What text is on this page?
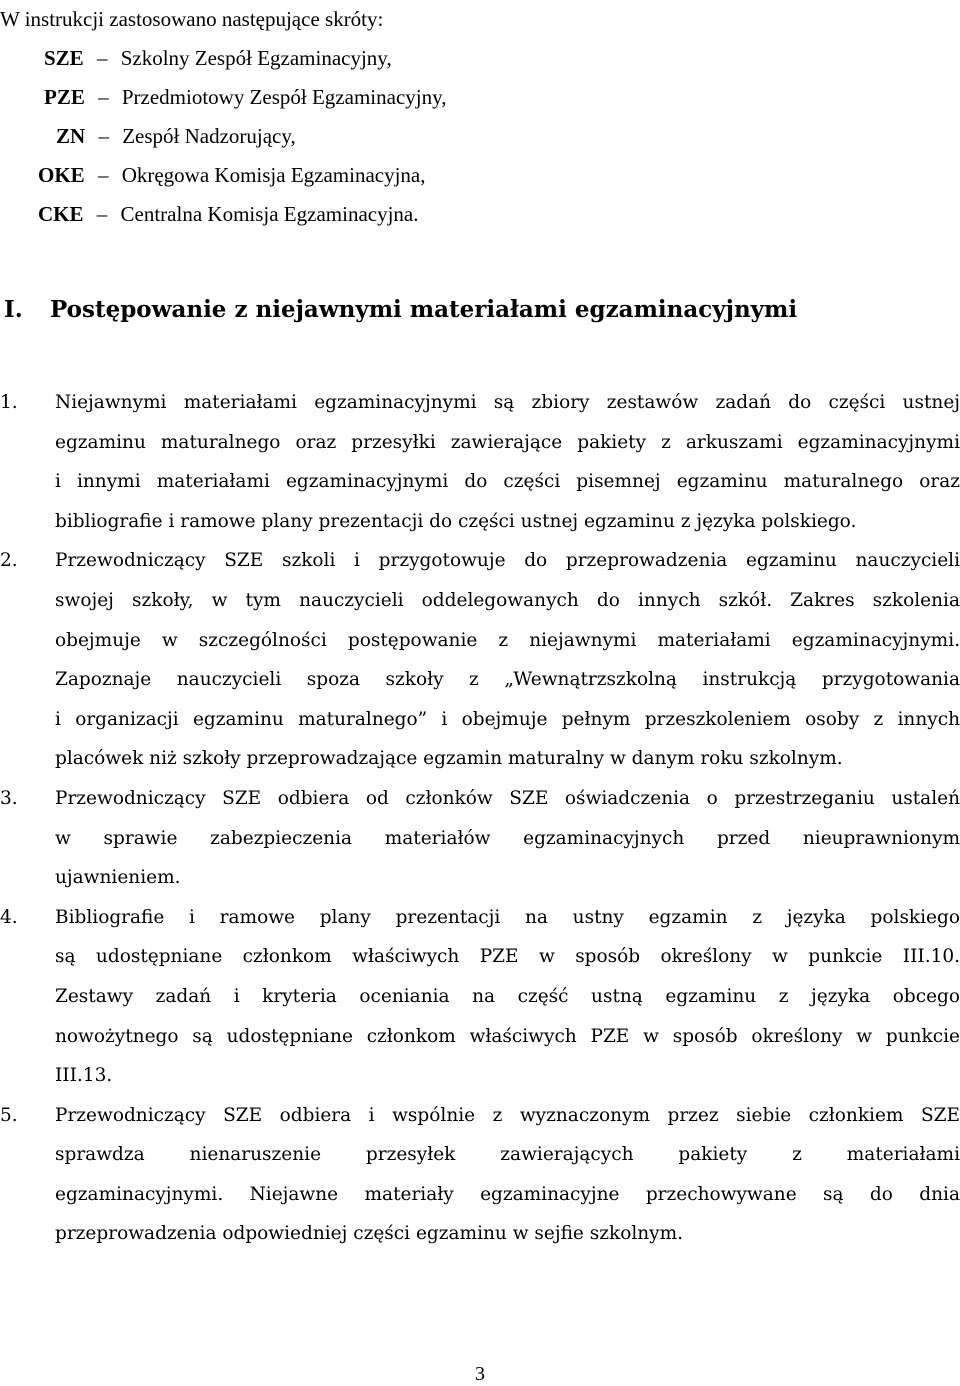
W instrukcji zastosowano następujące skróty:
SZE – Szkolny Zespół Egzaminacyjny,
PZE – Przedmiotowy Zespół Egzaminacyjny,
ZN – Zespół Nadzorujący,
OKE – Okręgowa Komisja Egzaminacyjna,
CKE – Centralna Komisja Egzaminacyjna.
I. Postępowanie z niejawnymi materiałami egzaminacyjnymi
1. Niejawnymi materiałami egzaminacyjnymi są zbiory zestawów zadań do części ustnej
egzaminu maturalnego oraz przesyłki zawierające pakiety z arkuszami egzaminacyjnymi
i innymi materiałami egzaminacyjnymi do części pisemnej egzaminu maturalnego oraz
bibliografie i ramowe plany prezentacji do części ustnej egzaminu z języka polskiego.
2. Przewodniczący SZE szkoli i przygotowuje do przeprowadzenia egzaminu nauczycieli
swojej szkoły, w tym nauczycieli oddelegowanych do innych szkół. Zakres szkolenia
obejmuje w szczególności postępowanie z niejawnymi materiałami egzaminacyjnymi.
Zapoznaje nauczycieli spoza szkoły z „Wewnątrzszkolną instrukcją przygotowania
i organizacji egzaminu maturalnego” i obejmuje pełnym przeszkoleniem osoby z innych
placówek niż szkoły przeprowadzające egzamin maturalny w danym roku szkolnym.
3. Przewodniczący SZE odbiera od członków SZE oświadczenia o przestrzeganiu ustaleń
w sprawie zabezpieczenia materiałów egzaminacyjnych przed nieuprawnionym
ujawnieniem.
4. Bibliografie i ramowe plany prezentacji na ustny egzamin z języka polskiego
są udostępniane członkom właściwych PZE w sposób określony w punkcie III.10.
Zestawy zadań i kryteria oceniania na część ustną egzaminu z języka obcego
nowożytnego są udostępniane członkom właściwych PZE w sposób określony w punkcie
III.13.
5. Przewodniczący SZE odbiera i wspólnie z wyznaczonym przez siebie członkiem SZE
sprawdza nienaruszenie przesyłek zawierających pakiety z materiałami
egzaminacyjnymi. Niejawne materiały egzaminacyjne przechowywane są do dnia
przeprowadzenia odpowiedniej części egzaminu w sejfie szkolnym.
3
